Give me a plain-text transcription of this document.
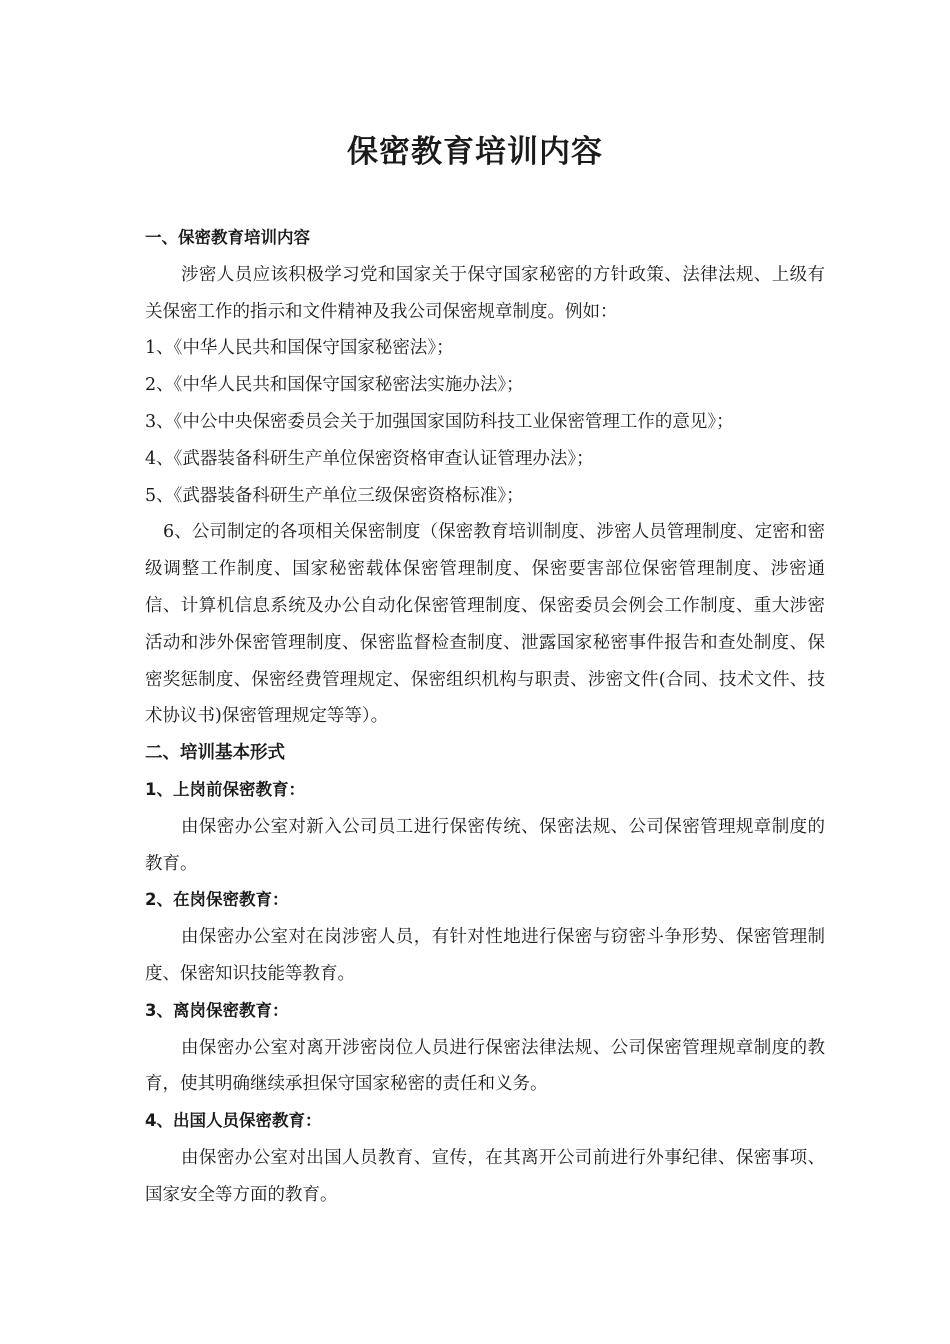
保密教育培训内容

一、保密教育培训内容

涉密人员应该积极学习党和国家关于保守国家秘密的方针政策、法律法规、上级有关保密工作的指示和文件精神及我公司保密规章制度。例如：

1、《中华人民共和国保守国家秘密法》；

2、《中华人民共和国保守国家秘密法实施办法》；

3、《中公中央保密委员会关于加强国家国防科技工业保密管理工作的意见》；

4、《武器装备科研生产单位保密资格审查认证管理办法》；

5、《武器装备科研生产单位三级保密资格标准》；

6、公司制定的各项相关保密制度（保密教育培训制度、涉密人员管理制度、定密和密级调整工作制度、国家秘密载体保密管理制度、保密要害部位保密管理制度、涉密通信、计算机信息系统及办公自动化保密管理制度、保密委员会例会工作制度、重大涉密活动和涉外保密管理制度、保密监督检查制度、泄露国家秘密事件报告和查处制度、保密奖惩制度、保密经费管理规定、保密组织机构与职责、涉密文件(合同、技术文件、技术协议书)保密管理规定等等）。

二、培训基本形式

1、上岗前保密教育：

由保密办公室对新入公司员工进行保密传统、保密法规、公司保密管理规章制度的教育。

2、在岗保密教育：

由保密办公室对在岗涉密人员，有针对性地进行保密与窃密斗争形势、保密管理制度、保密知识技能等教育。

3、离岗保密教育：

由保密办公室对离开涉密岗位人员进行保密法律法规、公司保密管理规章制度的教育，使其明确继续承担保守国家秘密的责任和义务。

4、出国人员保密教育：

由保密办公室对出国人员教育、宣传，在其离开公司前进行外事纪律、保密事项、国家安全等方面的教育。
